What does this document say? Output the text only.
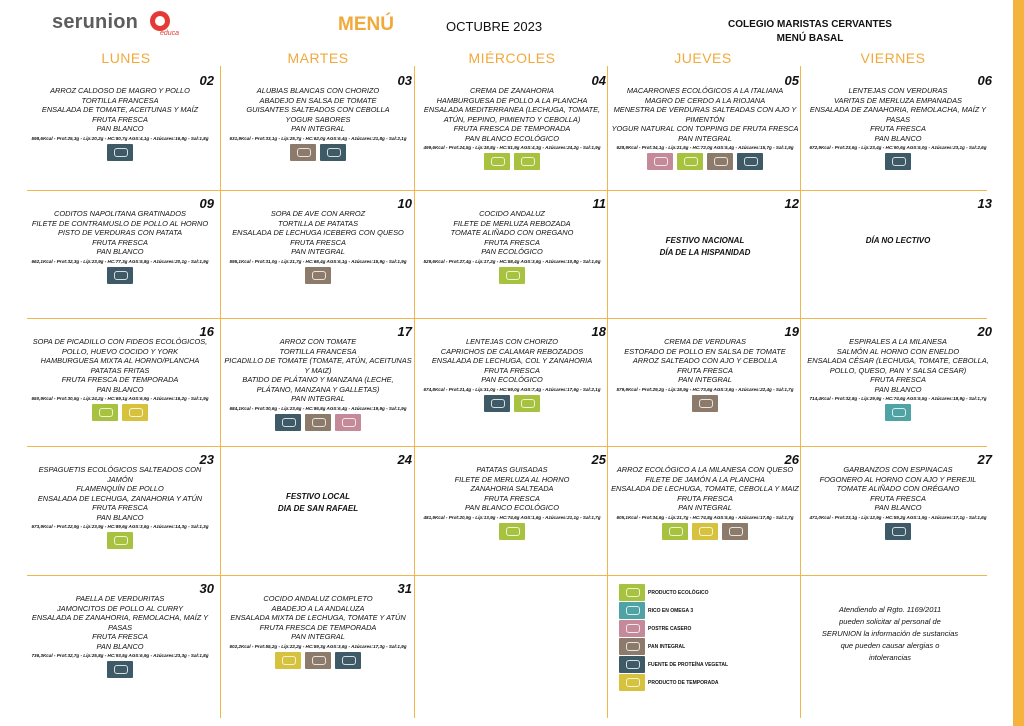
serunion
educa	MENÚ	OCTUBRE 2023	COLEGIO MARISTAS CERVANTES
MENÚ BASAL
LUNES	MARTES	MIÉRCOLES	JUEVES	VIERNES
02
ARROZ CALDOSO DE MAGRO Y POLLO
TORTILLA FRANCESA
ENSALADA DE TOMATE, ACEITUNAS Y MAÍZ
FRUTA FRESCA
PAN BLANCO
598,6Kcal - Prot:25,3g - Lip:20,2g - HC:80,7g AGS:4,1g - Azúcares:16,8g - Sal:1,8g
03
ALUBIAS BLANCAS CON CHORIZO
ABADEJO EN SALSA DE TOMATE
GUISANTES SALTEADOS CON CEBOLLA
YOGUR SABORES
PAN INTEGRAL
631,9Kcal - Prot:33,1g - Lip:25,7g - HC:62,0g AGS:6,4g - Azúcares:21,8g - Sal:2,1g
04
CREMA DE ZANAHORIA
HAMBURGUESA DE POLLO A LA PLANCHA
ENSALADA MEDITERRANEA (LECHUGA, TOMATE, ATÚN, PEPINO, PIMIENTO Y CEBOLLA)
FRUTA FRESCA DE TEMPORADA
PAN BLANCO ECOLÓGICO
499,6Kcal - Prot:24,5g - Lip:18,8g - HC:51,9g AGS:4,3g - Azúcares:24,2g - Sal:1,9g
05
MACARRONES ECOLÓGICOS A LA ITALIANA
MAGRO DE CERDO A LA RIOJANA
MENESTRA DE VERDURAS SALTEADAS CON AJO Y PIMENTÓN
YOGUR NATURAL CON TOPPING DE FRUTA FRESCA
PAN INTEGRAL
628,9Kcal - Prot:34,1g - Lip:21,5g - HC:72,0g AGS:5,4g - Azúcares:15,7g - Sal:1,9g
06
LENTEJAS CON VERDURAS
VARITAS DE MERLUZA EMPANADAS
ENSALADA DE ZANAHORIA, REMOLACHA, MAÍZ Y PASAS
FRUTA FRESCA
PAN BLANCO
672,9Kcal - Prot:23,6g - Lip:23,4g - HC:90,6g AGS:5,0g - Azúcares:23,1g - Sal:2,6g
09
CODITOS NAPOLITANA GRATINADOS
FILETE DE CONTRAMUSLO DE POLLO AL HORNO
PISTO DE VERDURAS CON PATATA
FRUTA FRESCA
PAN BLANCO
662,1Kcal - Prot:32,3g - Lip:23,9g - HC:77,3g AGS:5,8g - Azúcares:20,1g - Sal:1,9g
10
SOPA DE AVE CON ARROZ
TORTILLA DE PATATAS
ENSALADA DE LECHUGA ICEBERG CON QUESO
FRUTA FRESCA
PAN INTEGRAL
595,1Kcal - Prot:31,0g - Lip:21,7g - HC:68,4g AGS:6,1g - Azúcares:15,9g - Sal:1,9g
11
COCIDO ANDALUZ
FILETE DE MERLUZA REBOZADA
TOMATE ALIÑADO CON OREGANO
FRUTA FRESCA
PAN ECOLÓGICO
529,6Kcal - Prot:27,4g - Lip:17,2g - HC:58,4g AGS:3,6g - Azúcares:10,8g - Sal:1,6g
12
FESTIVO NACIONAL
DÍA DE LA HISPANIDAD
13
DÍA NO LECTIVO
16
SOPA DE PICADILLO CON FIDEOS ECOLÓGICOS, POLLO, HUEVO COCIDO Y YORK
HAMBURGUESA MIXTA AL HORNO/PLANCHA
PATATAS FRITAS
FRUTA FRESCA DE TEMPORADA
PAN BLANCO
650,9Kcal - Prot:30,5g - Lip:24,2g - HC:69,1g AGS:6,9g - Azúcares:16,2g - Sal:1,9g
17
ARROZ CON TOMATE
TORTILLA FRANCESA
PICADILLO DE TOMATE (TOMATE, ATÚN, ACEITUNAS Y MAIZ)
BATIDO DE PLÁTANO Y MANZANA (LECHE, PLÁTANO, MANZANA Y GALLETAS)
PAN INTEGRAL
684,1Kcal - Prot:30,6g - Lip:23,6g - HC:86,8g AGS:6,4g - Azúcares:19,9g - Sal:1,9g
18
LENTEJAS CON CHORIZO
CAPRICHOS DE CALAMAR REBOZADOS
ENSALADA DE LECHUGA, COL Y ZANAHORIA
FRUTA FRESCA
PAN ECOLÓGICO
674,8Kcal - Prot:21,4g - Lip:31,0g - HC:69,0g AGS:7,4g - Azúcares:17,6g - Sal:2,1g
19
CREMA DE VERDURAS
ESTOFADO DE POLLO EN SALSA DE TOMATE
ARROZ SALTEADO CON AJO Y CEBOLLA
FRUTA FRESCA
PAN INTEGRAL
579,9Kcal - Prot:29,2g - Lip:18,9g - HC:73,6g AGS:3,6g - Azúcares:22,4g - Sal:1,7g
20
ESPIRALES A LA MILANESA
SALMÓN AL HORNO CON ENELDO
ENSALADA CÉSAR (LECHUGA, TOMATE, CEBOLLA, POLLO, QUESO, PAN Y SALSA CESAR)
FRUTA FRESCA
PAN BLANCO
714,4Kcal - Prot:32,8g - Lip:29,9g - HC:74,6g AGS:5,5g - Azúcares:18,9g - Sal:1,7g
23
ESPAGUETIS ECOLÓGICOS SALTEADOS CON JAMÓN
FLAMENQUÍN DE POLLO
ENSALADA DE LECHUGA, ZANAHORIA Y ATÚN
FRUTA FRESCA
PAN BLANCO
673,9Kcal - Prot:22,9g - Lip:23,9g - HC:89,6g AGS:3,6g - Azúcares:14,3g - Sal:1,3g
24
FESTIVO LOCAL
DIA DE SAN RAFAEL
25
PATATAS GUISADAS
FILETE DE MERLUZA AL HORNO
ZANAHORIA SALTEADA
FRUTA FRESCA
PAN BLANCO ECOLÓGICO
481,9Kcal - Prot:20,9g - Lip:13,9g - HC:74,6g AGS:1,6g - Azúcares:21,1g - Sal:1,7g
26
ARROZ ECOLÓGICO A LA MILANESA CON QUESO
FILETE DE JAMÓN A LA PLANCHA
ENSALADA DE LECHUGA, TOMATE, CEBOLLA Y MAIZ
FRUTA FRESCA
PAN INTEGRAL
605,1Kcal - Prot:34,6g - Lip:21,7g - HC:74,8g AGS:5,6g - Azúcares:17,8g - Sal:1,7g
27
GARBANZOS CON ESPINACAS
FOGONERO AL HORNO CON AJO Y PEREJIL
TOMATE ALIÑADO CON ORÉGANO
FRUTA FRESCA
PAN BLANCO
471,0Kcal - Prot:23,1g - Lip:12,9g - HC:59,2g AGS:1,9g - Azúcares:17,1g - Sal:1,6g
30
PAELLA DE VERDURITAS
JAMONCITOS DE POLLO AL CURRY
ENSALADA DE ZANAHORIA, REMOLACHA, MAÍZ Y PASAS
FRUTA FRESCA
PAN BLANCO
736,3Kcal - Prot:32,7g - Lip:25,8g - HC:93,5g AGS:6,9g - Azúcares:23,3g - Sal:1,8g
31
COCIDO ANDALUZ COMPLETO
ABADEJO A LA ANDALUZA
ENSALADA MIXTA DE LECHUGA, TOMATE Y ATÚN
FRUTA FRESCA DE TEMPORADA
PAN INTEGRAL
602,2Kcal - Prot:55,2g - Lip:22,2g - HC:59,3g AGS:3,6g - Azúcares:17,3g - Sal:1,9g
PRODUCTO ECOLÓGICO
RICO EN OMEGA 3
POSTRE CASERO
PAN INTEGRAL
FUENTE DE PROTEÍNA VEGETAL
PRODUCTO DE TEMPORADA
Atendiendo al Rgto. 1169/2011
pueden solicitar al personal de
SERUNION la información de sustancias
que pueden causar alergias o
intolerancias
